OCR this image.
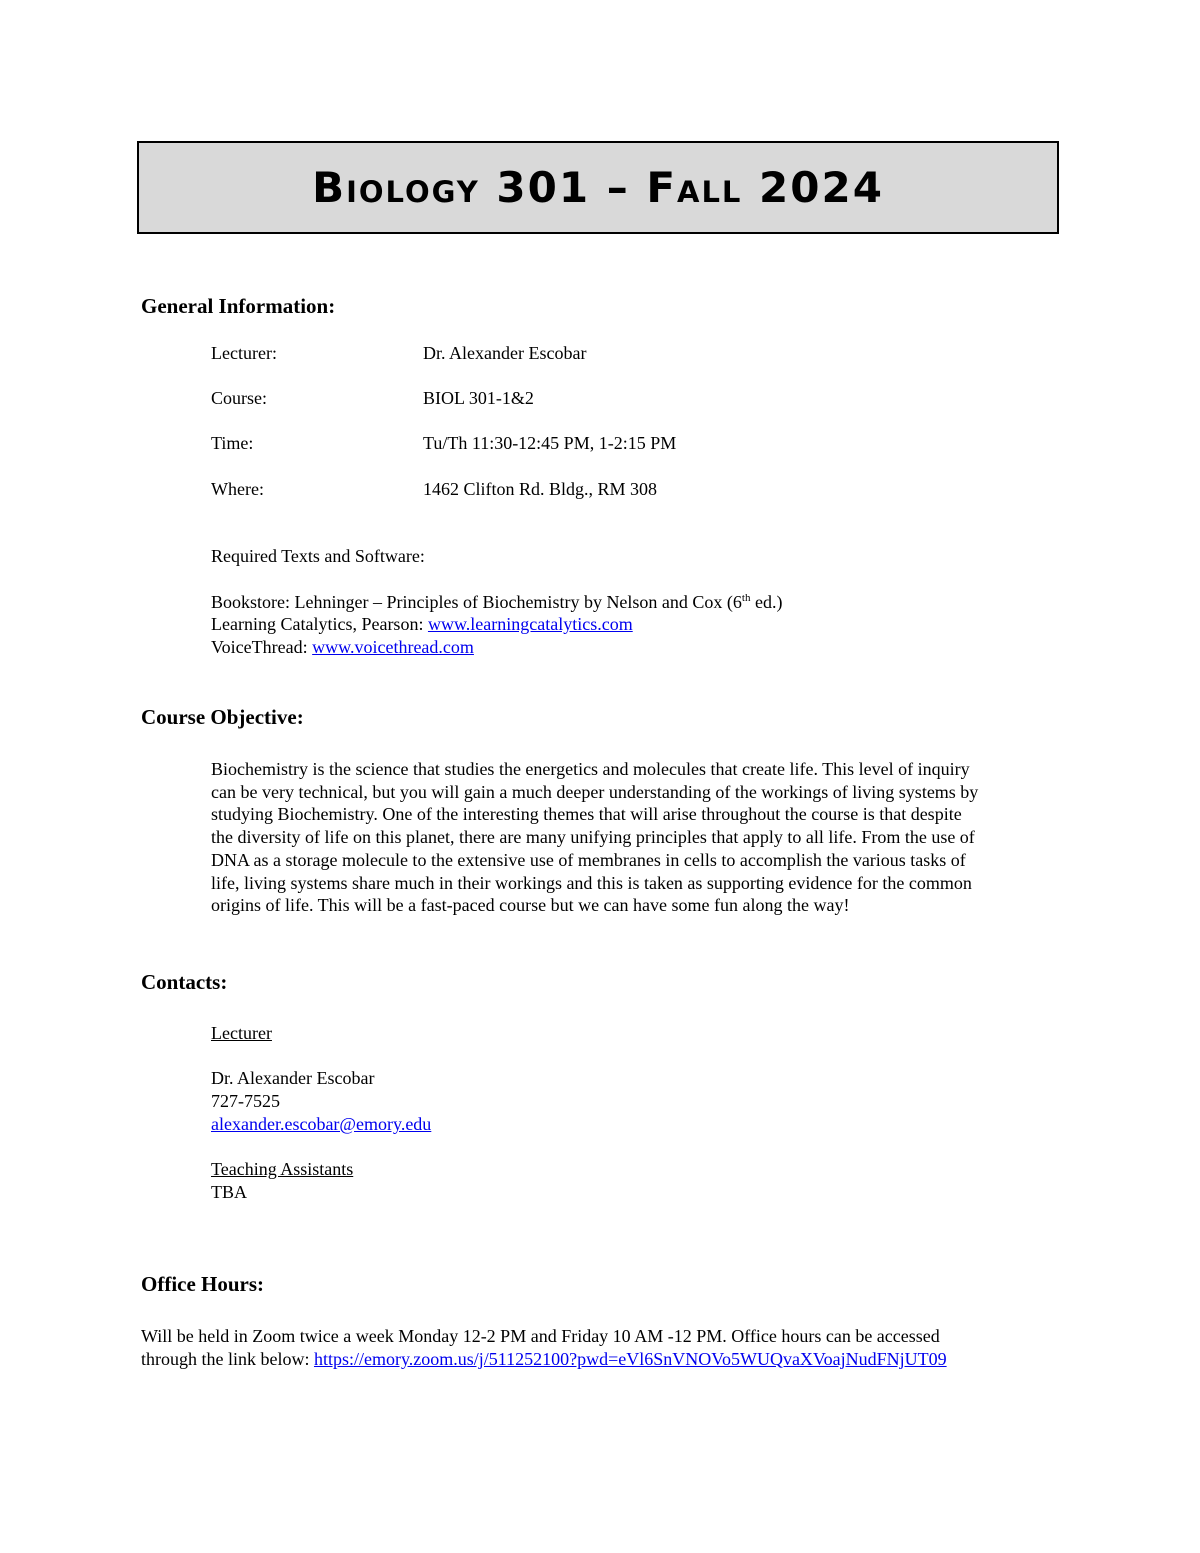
Biology 301 – Fall 2024
General Information:
Lecturer:	Dr. Alexander Escobar
Course:	BIOL 301-1&2
Time:	Tu/Th 11:30-12:45 PM, 1-2:15 PM
Where:	1462 Clifton Rd. Bldg., RM 308
Required Texts and Software:
Bookstore: Lehninger – Principles of Biochemistry by Nelson and Cox (6th ed.)
Learning Catalytics, Pearson: www.learningcatalytics.com
VoiceThread: www.voicethread.com
Course Objective:
Biochemistry is the science that studies the energetics and molecules that create life. This level of inquiry
can be very technical, but you will gain a much deeper understanding of the workings of living systems by
studying Biochemistry. One of the interesting themes that will arise throughout the course is that despite
the diversity of life on this planet, there are many unifying principles that apply to all life. From the use of
DNA as a storage molecule to the extensive use of membranes in cells to accomplish the various tasks of
life, living systems share much in their workings and this is taken as supporting evidence for the common
origins of life. This will be a fast-paced course but we can have some fun along the way!
Contacts:
Lecturer
Dr. Alexander Escobar
727-7525
alexander.escobar@emory.edu
Teaching Assistants
TBA
Office Hours:
Will be held in Zoom twice a week Monday 12-2 PM and Friday 10 AM -12 PM. Office hours can be accessed
through the link below: https://emory.zoom.us/j/511252100?pwd=eVl6SnVNOVo5WUQvaXVoajNudFNjUT09
